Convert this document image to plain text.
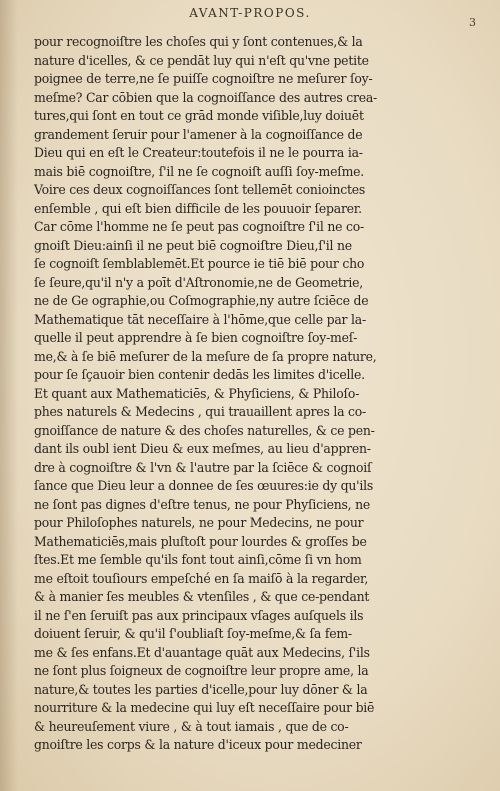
AVANT-PROPOS.
3
pour recognoiſtre les choſes qui y ſont contenues,& la
nature d'icelles, & ce pendāt luy qui n'eſt qu'vne petite
poignee de terre,ne ſe puiſſe cognoiſtre ne meſurer ſoy-
meſme? Car cōbien que la cognoiſſance des autres crea-
tures,qui ſont en tout ce grād monde viſible,luy doiuēt
grandement ſeruir pour l'amener à la cognoiſſance de
Dieu qui en eſt le Createur:toutefois il ne le pourra ia-
mais biē cognoiſtre, ſ'il ne ſe cognoiſt auſſi ſoy-meſme.
Voire ces deux cognoiſſances ſont tellemēt conioinctes
enſemble , qui eſt bien difficile de les pouuoir ſeparer.
Car cōme l'homme ne ſe peut pas cognoiſtre ſ'il ne co-
gnoiſt Dieu:ainſi il ne peut biē cognoiſtre Dieu,ſ'il ne
ſe cognoiſt ſemblablemēt.Et pource ie tiē biē pour cho
ſe ſeure,qu'il n'y a poīt d'Aſtronomie,ne de Geometrie,
ne de Ge ographie,ou Coſmographie,ny autre ſciēce de
Mathematique tāt neceſſaire à l'hōme,que celle par la-
quelle il peut apprendre à ſe bien cognoiſtre ſoy-meſ-
me,& à ſe biē meſurer de la meſure de ſa propre nature,
pour ſe ſçauoir bien contenir dedās les limites d'icelle.
Et quant aux Mathematiciēs, & Phyſiciens, & Philoſo-
phes naturels & Medecins , qui trauaillent apres la co-
gnoiſſance de nature & des choſes naturelles, & ce pen-
dant ils oubl ient Dieu & eux meſmes, au lieu d'appren-
dre à cognoiſtre & l'vn & l'autre par la ſciēce & cognoiſ
ſance que Dieu leur a donnee de ſes œuures:ie dy qu'ils
ne ſont pas dignes d'eſtre tenus, ne pour Phyſiciens, ne
pour Philoſophes naturels, ne pour Medecins, ne pour
Mathematiciēs,mais pluſtoſt pour lourdes & groſſes be
ſtes.Et me ſemble qu'ils font tout ainſi,cōme ſi vn hom
me eſtoit touſiours empeſché en ſa maiſō à la regarder,
& à manier ſes meubles & vtenſiles , & que ce-pendant
il ne ſ'en ſeruiſt pas aux principaux vſages auſquels ils
doiuent ſeruir, & qu'il ſ'oubliaſt ſoy-meſme,& ſa fem-
me & ſes enfans.Et d'auantage quāt aux Medecins, ſ'ils
ne ſont plus ſoigneux de cognoiſtre leur propre ame, la
nature,& toutes les parties d'icelle,pour luy dōner & la
nourriture & la medecine qui luy eſt neceſſaire pour biē
& heureuſement viure , & à tout iamais , que de co-
gnoiſtre les corps & la nature d'iceux pour medeciner
